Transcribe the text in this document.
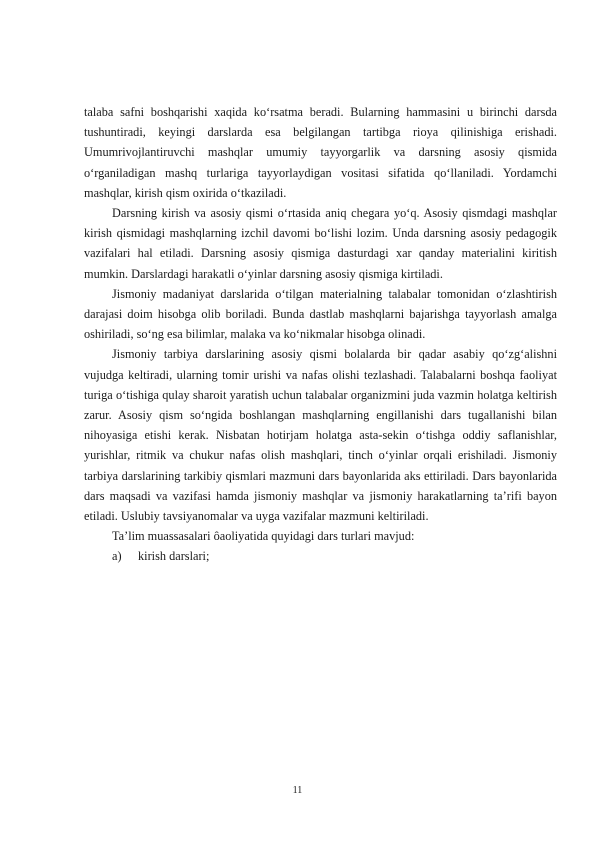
talaba safni boshqarishi xaqida ko‘rsatma beradi. Bularning hammasini u birinchi darsda tushuntiradi, keyingi darslarda esa belgilangan tartibga rioya qilinishiga erishadi. Umumrivojlantiruvchi mashqlar umumiy tayyorgarlik va darsning asosiy qismida o‘rganiladigan mashq turlariga tayyorlaydigan vositasi sifatida qo‘llaniladi. Yordamchi mashqlar, kirish qism oxirida o‘tkaziladi.

Darsning kirish va asosiy qismi o‘rtasida aniq chegara yo‘q. Asosiy qismdagi mashqlar kirish qismidagi mashqlarning izchil davomi bo‘lishi lozim. Unda darsning asosiy pedagogik vazifalari hal etiladi. Darsning asosiy qismiga dasturdagi xar qanday materialini kiritish mumkin. Darslardagi harakatli o‘yinlar darsning asosiy qismiga kirtiladi.

Jismoniy madaniyat darslarida o‘tilgan materialning talabalar tomonidan o‘zlashtirish darajasi doim hisobga olib boriladi. Bunda dastlab mashqlarni bajarishga tayyorlash amalga oshiriladi, so‘ng esa bilimlar, malaka va ko‘nikmalar hisobga olinadi.

Jismoniy tarbiya darslarining asosiy qismi bolalarda bir qadar asabiy qo‘zg‘alishni vujudga keltiradi, ularning tomir urishi va nafas olishi tezlashadi. Talabalarni boshqa faoliyat turiga o‘tishiga qulay sharoit yaratish uchun talabalar organizmini juda vazmin holatga keltirish zarur. Asosiy qism so‘ngida boshlangan mashqlarning engillanishi dars tugallanishi bilan nihoyasiga etishi kerak. Nisbatan hotirjam holatga asta-sekin o‘tishga oddiy saflanishlar, yurishlar, ritmik va chukur nafas olish mashqlari, tinch o‘yinlar orqali erishiladi. Jismoniy tarbiya darslarining tarkibiy qismlari mazmuni dars bayonlarida aks ettiriladi. Dars bayonlarida dars maqsadi va vazifasi hamda jismoniy mashqlar va jismoniy harakatlarning ta’rifi bayon etiladi. Uslubiy tavsiyanomalar va uyga vazifalar mazmuni keltiriladi.

Ta’lim muassasalari ôaoliyatida quyidagi dars turlari mavjud:

a)	kirish darslari;
11
